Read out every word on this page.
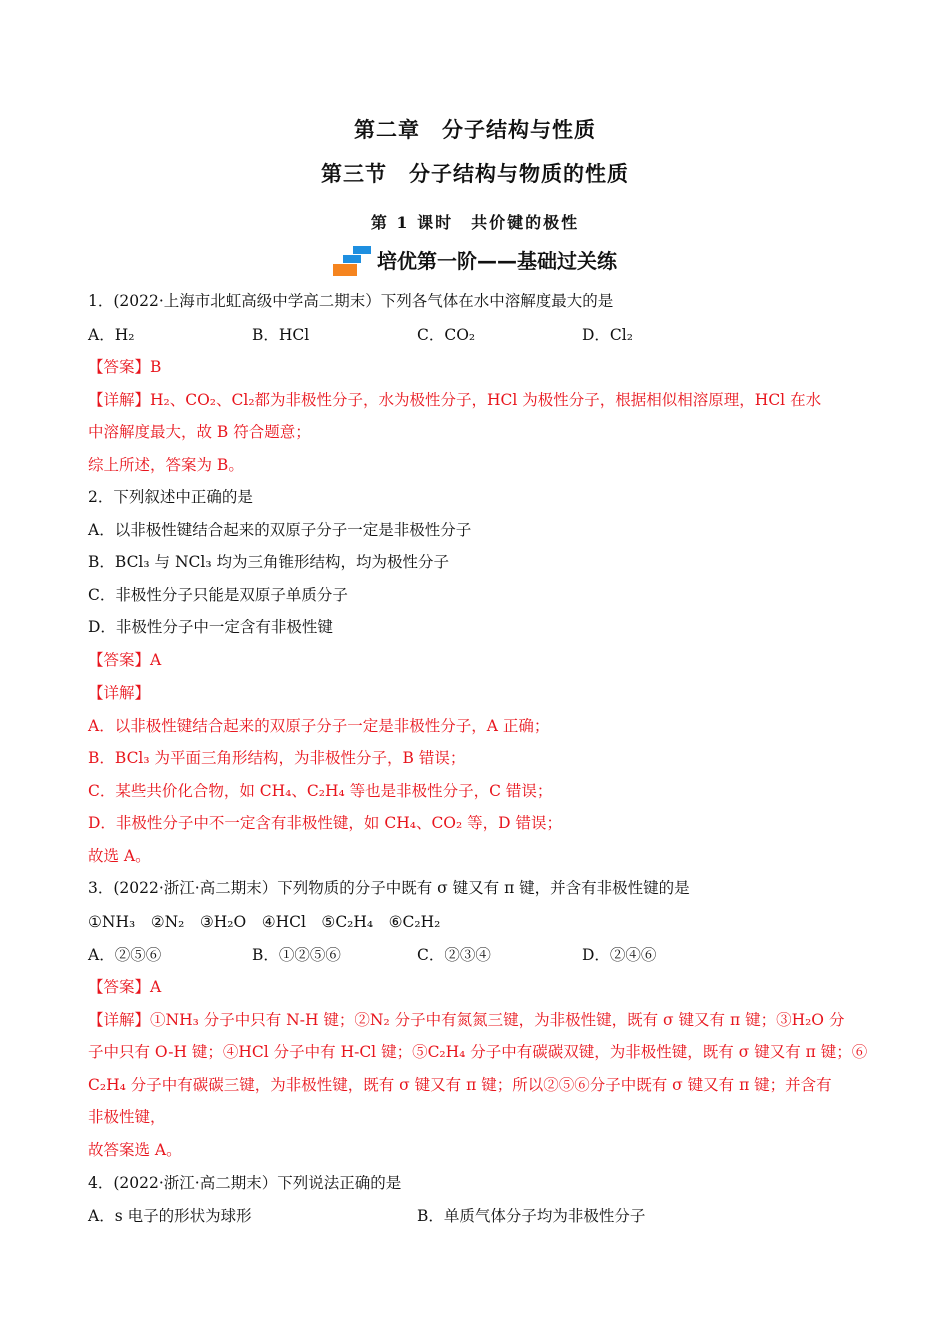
第二章　分子结构与性质
第三节　分子结构与物质的性质
第 1 课时　共价键的极性
培优第一阶——基础过关练
1．(2022·上海市北虹高级中学高二期末）下列各气体在水中溶解度最大的是
A．H₂	B．HCl	C．CO₂	D．Cl₂
【答案】B
【详解】H₂、CO₂、Cl₂都为非极性分子，水为极性分子，HCl 为极性分子，根据相似相溶原理，HCl 在水
中溶解度最大，故 B 符合题意；
综上所述，答案为 B。
2．下列叙述中正确的是
A．以非极性键结合起来的双原子分子一定是非极性分子
B．BCl₃ 与 NCl₃ 均为三角锥形结构，均为极性分子
C．非极性分子只能是双原子单质分子
D．非极性分子中一定含有非极性键
【答案】A
【详解】
A．以非极性键结合起来的双原子分子一定是非极性分子，A 正确；
B．BCl₃ 为平面三角形结构，为非极性分子，B 错误；
C．某些共价化合物，如 CH₄、C₂H₄ 等也是非极性分子，C 错误；
D．非极性分子中不一定含有非极性键，如 CH₄、CO₂ 等，D 错误；
故选 A。
3．(2022·浙江·高二期末）下列物质的分子中既有 σ 键又有 π 键，并含有非极性键的是
①NH₃　②N₂　③H₂O　④HCl　⑤C₂H₄　⑥C₂H₂
A．②⑤⑥	B．①②⑤⑥	C．②③④	D．②④⑥
【答案】A
【详解】①NH₃ 分子中只有 N-H 键；②N₂ 分子中有氮氮三键，为非极性键，既有 σ 键又有 π 键；③H₂O 分
子中只有 O-H 键；④HCl 分子中有 H-Cl 键；⑤C₂H₄ 分子中有碳碳双键，为非极性键，既有 σ 键又有 π 键；⑥
C₂H₄ 分子中有碳碳三键，为非极性键，既有 σ 键又有 π 键；所以②⑤⑥分子中既有 σ 键又有 π 键；并含有
非极性键，
故答案选 A。
4．(2022·浙江·高二期末）下列说法正确的是
A．s 电子的形状为球形	B．单质气体分子均为非极性分子
